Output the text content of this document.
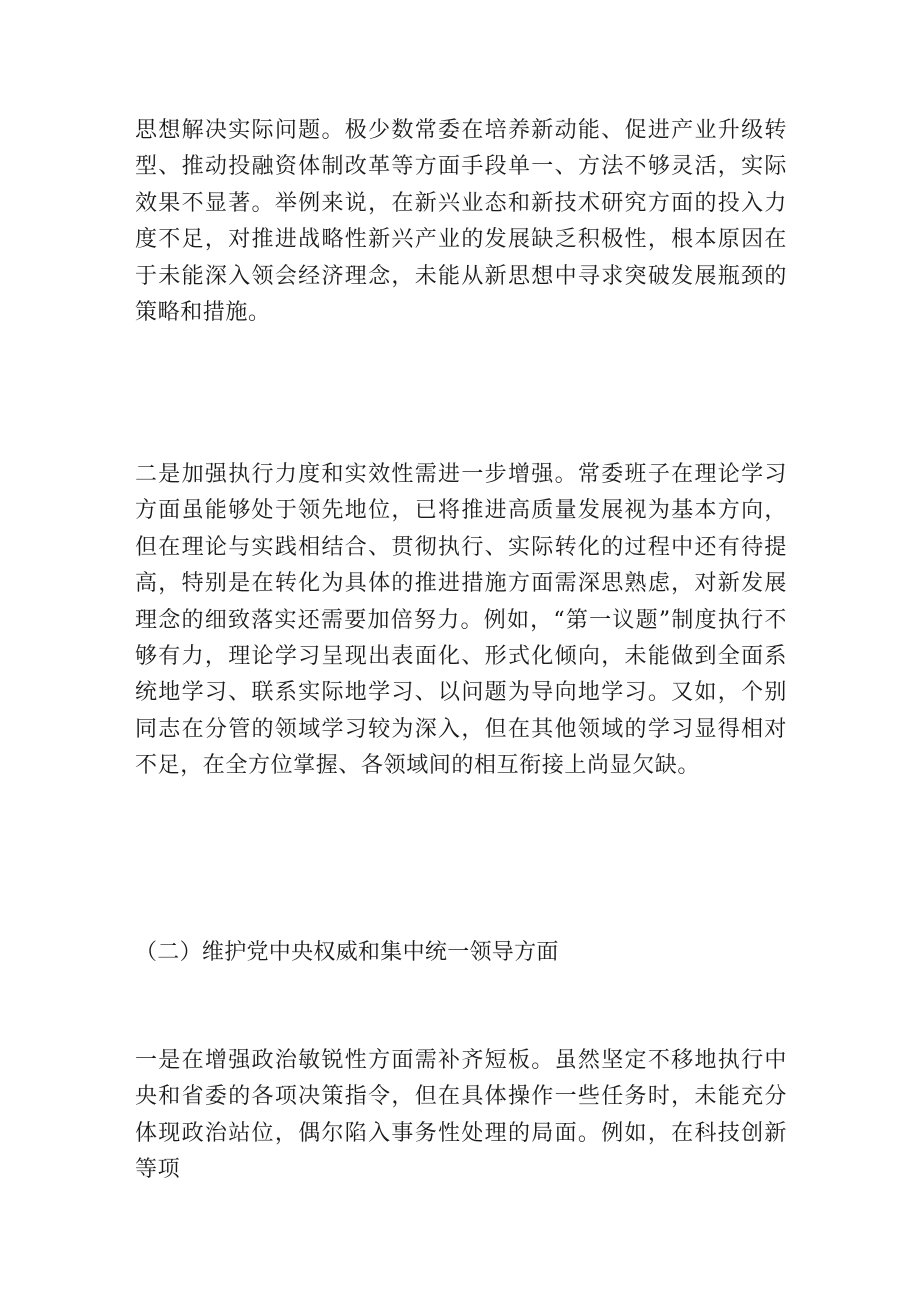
思想解决实际问题。极少数常委在培养新动能、促进产业升级转型、推动投融资体制改革等方面手段单一、方法不够灵活，实际效果不显著。举例来说，在新兴业态和新技术研究方面的投入力度不足，对推进战略性新兴产业的发展缺乏积极性，根本原因在于未能深入领会经济理念，未能从新思想中寻求突破发展瓶颈的策略和措施。

二是加强执行力度和实效性需进一步增强。常委班子在理论学习方面虽能够处于领先地位，已将推进高质量发展视为基本方向，但在理论与实践相结合、贯彻执行、实际转化的过程中还有待提高，特别是在转化为具体的推进措施方面需深思熟虑，对新发展理念的细致落实还需要加倍努力。例如，“第一议题”制度执行不够有力，理论学习呈现出表面化、形式化倾向，未能做到全面系统地学习、联系实际地学习、以问题为导向地学习。又如，个别同志在分管的领域学习较为深入，但在其他领域的学习显得相对不足，在全方位掌握、各领域间的相互衔接上尚显欠缺。

（二）维护党中央权威和集中统一领导方面

一是在增强政治敏锐性方面需补齐短板。虽然坚定不移地执行中央和省委的各项决策指令，但在具体操作一些任务时，未能充分体现政治站位，偶尔陷入事务性处理的局面。例如，在科技创新等项
